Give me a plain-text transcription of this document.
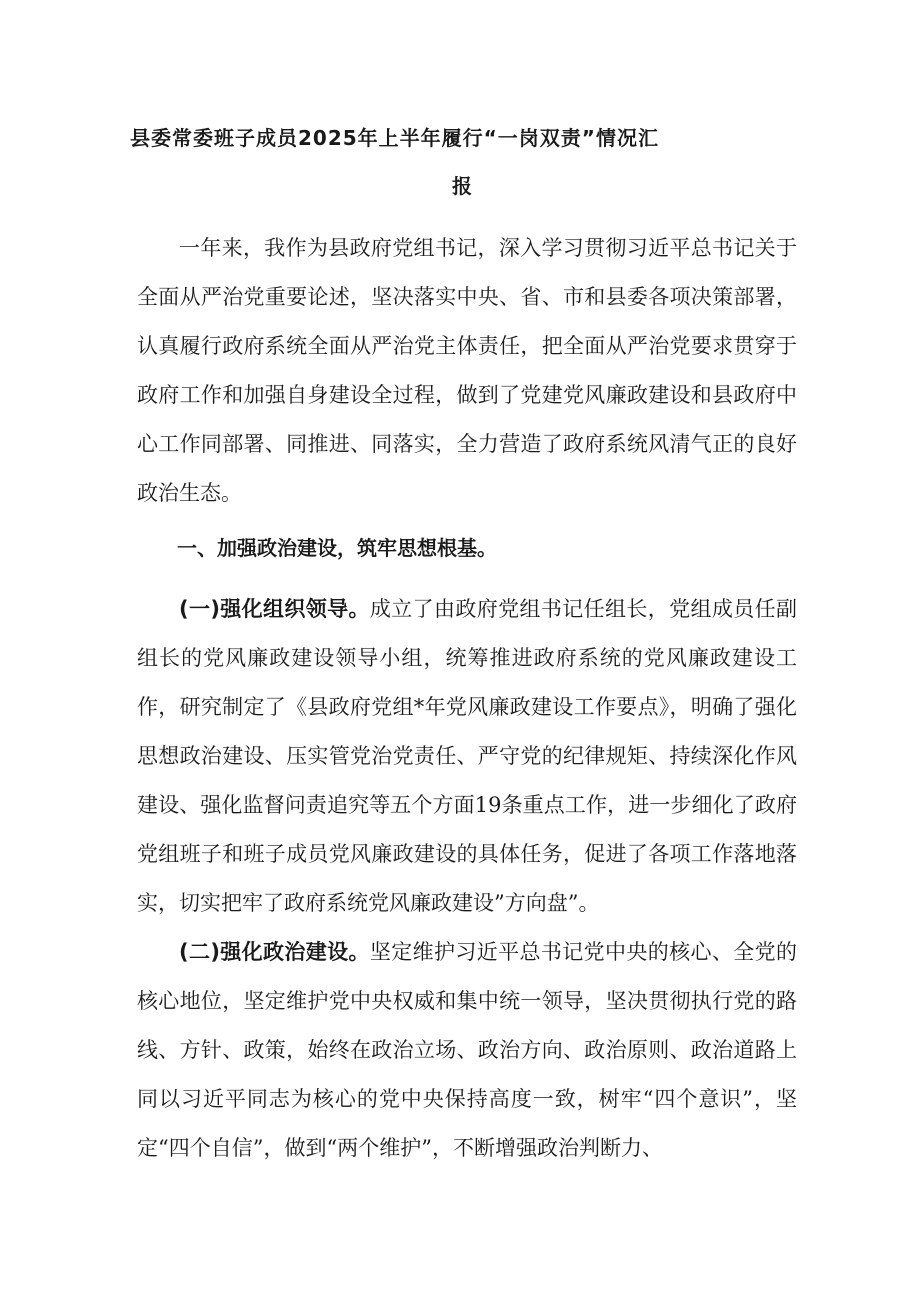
县委常委班子成员2025年上半年履行“一岗双责”情况汇
报

一年来，我作为县政府党组书记，深入学习贯彻习近平总书记关于全面从严治党重要论述，坚决落实中央、省、市和县委各项决策部署，认真履行政府系统全面从严治党主体责任，把全面从严治党要求贯穿于政府工作和加强自身建设全过程，做到了党建党风廉政建设和县政府中心工作同部署、同推进、同落实，全力营造了政府系统风清气正的良好政治生态。

一、加强政治建设，筑牢思想根基。

(一)强化组织领导。成立了由政府党组书记任组长，党组成员任副组长的党风廉政建设领导小组，统筹推进政府系统的党风廉政建设工作，研究制定了《县政府党组*年党风廉政建设工作要点》，明确了强化思想政治建设、压实管党治党责任、严守党的纪律规矩、持续深化作风建设、强化监督问责追究等五个方面19条重点工作，进一步细化了政府党组班子和班子成员党风廉政建设的具体任务，促进了各项工作落地落实，切实把牢了政府系统党风廉政建设”方向盘”。

(二)强化政治建设。坚定维护习近平总书记党中央的核心、全党的核心地位，坚定维护党中央权威和集中统一领导，坚决贯彻执行党的路线、方针、政策，始终在政治立场、政治方向、政治原则、政治道路上同以习近平同志为核心的党中央保持高度一致，树牢“四个意识”，坚定“四个自信”，做到“两个维护”，不断增强政治判断力、
